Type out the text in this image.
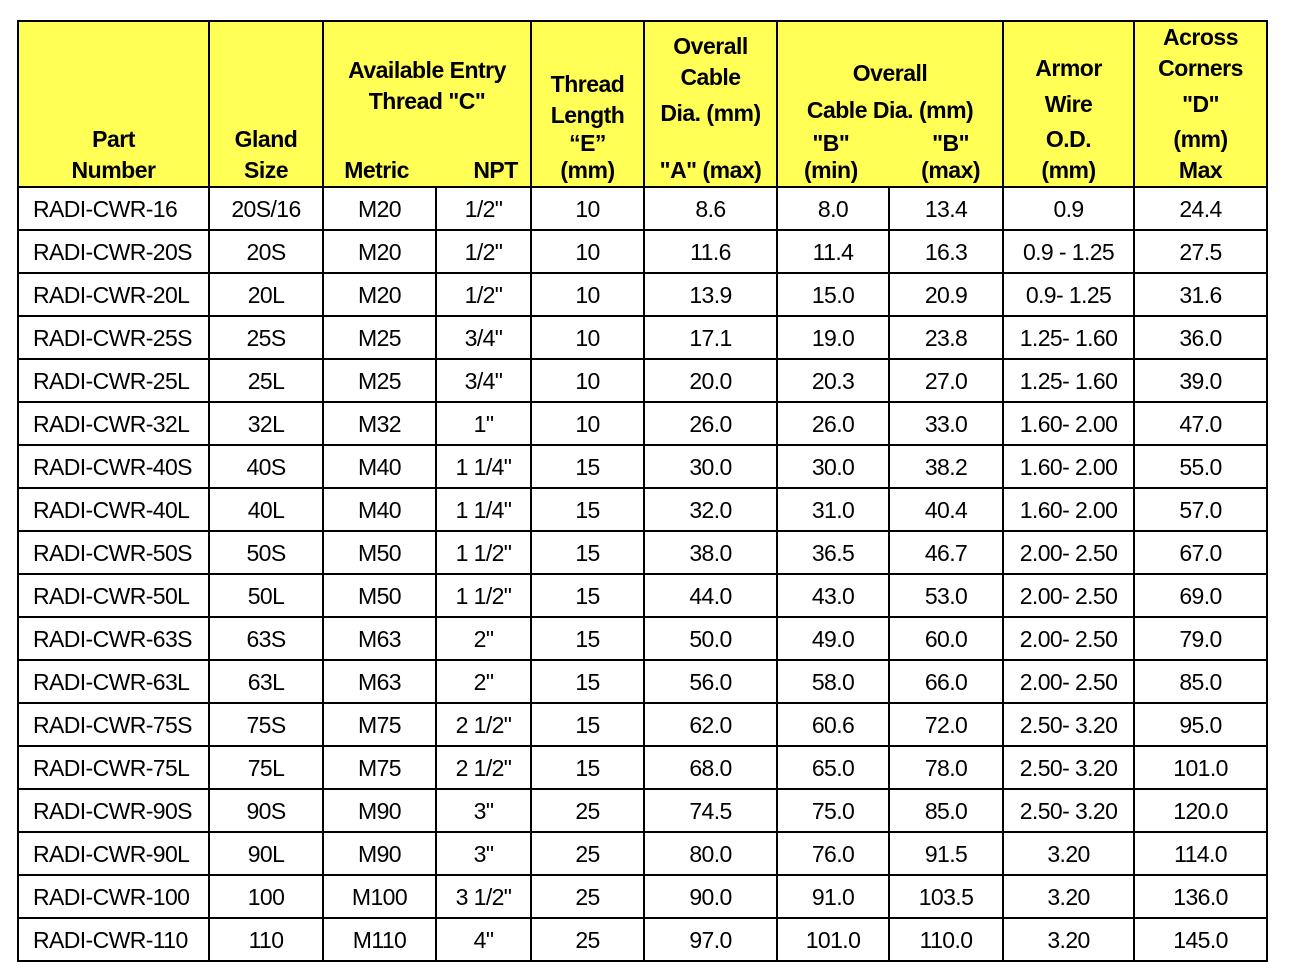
Part
Number

Gland
Size

Available Entry
Thread "C"
Metric	NPT

Thread
Length
“E”
(mm)

Overall
Cable
Dia. (mm)
"A" (max)

Overall
Cable Dia. (mm)
"B"
(min)
"B"
(max)

Armor
Wire
O.D.
(mm)

Across
Corners
"D"
(mm)
Max

RADI-CWR-16	20S/16	M20	1/2"	10	8.6	8.0	13.4	0.9	24.4
RADI-CWR-20S	20S	M20	1/2"	10	11.6	11.4	16.3	0.9 - 1.25	27.5
RADI-CWR-20L	20L	M20	1/2"	10	13.9	15.0	20.9	0.9- 1.25	31.6
RADI-CWR-25S	25S	M25	3/4"	10	17.1	19.0	23.8	1.25- 1.60	36.0
RADI-CWR-25L	25L	M25	3/4"	10	20.0	20.3	27.0	1.25- 1.60	39.0
RADI-CWR-32L	32L	M32	1"	10	26.0	26.0	33.0	1.60- 2.00	47.0
RADI-CWR-40S	40S	M40	1 1/4"	15	30.0	30.0	38.2	1.60- 2.00	55.0
RADI-CWR-40L	40L	M40	1 1/4"	15	32.0	31.0	40.4	1.60- 2.00	57.0
RADI-CWR-50S	50S	M50	1 1/2"	15	38.0	36.5	46.7	2.00- 2.50	67.0
RADI-CWR-50L	50L	M50	1 1/2"	15	44.0	43.0	53.0	2.00- 2.50	69.0
RADI-CWR-63S	63S	M63	2"	15	50.0	49.0	60.0	2.00- 2.50	79.0
RADI-CWR-63L	63L	M63	2"	15	56.0	58.0	66.0	2.00- 2.50	85.0
RADI-CWR-75S	75S	M75	2 1/2"	15	62.0	60.6	72.0	2.50- 3.20	95.0
RADI-CWR-75L	75L	M75	2 1/2"	15	68.0	65.0	78.0	2.50- 3.20	101.0
RADI-CWR-90S	90S	M90	3"	25	74.5	75.0	85.0	2.50- 3.20	120.0
RADI-CWR-90L	90L	M90	3"	25	80.0	76.0	91.5	3.20	114.0
RADI-CWR-100	100	M100	3 1/2"	25	90.0	91.0	103.5	3.20	136.0
RADI-CWR-110	110	M110	4"	25	97.0	101.0	110.0	3.20	145.0
